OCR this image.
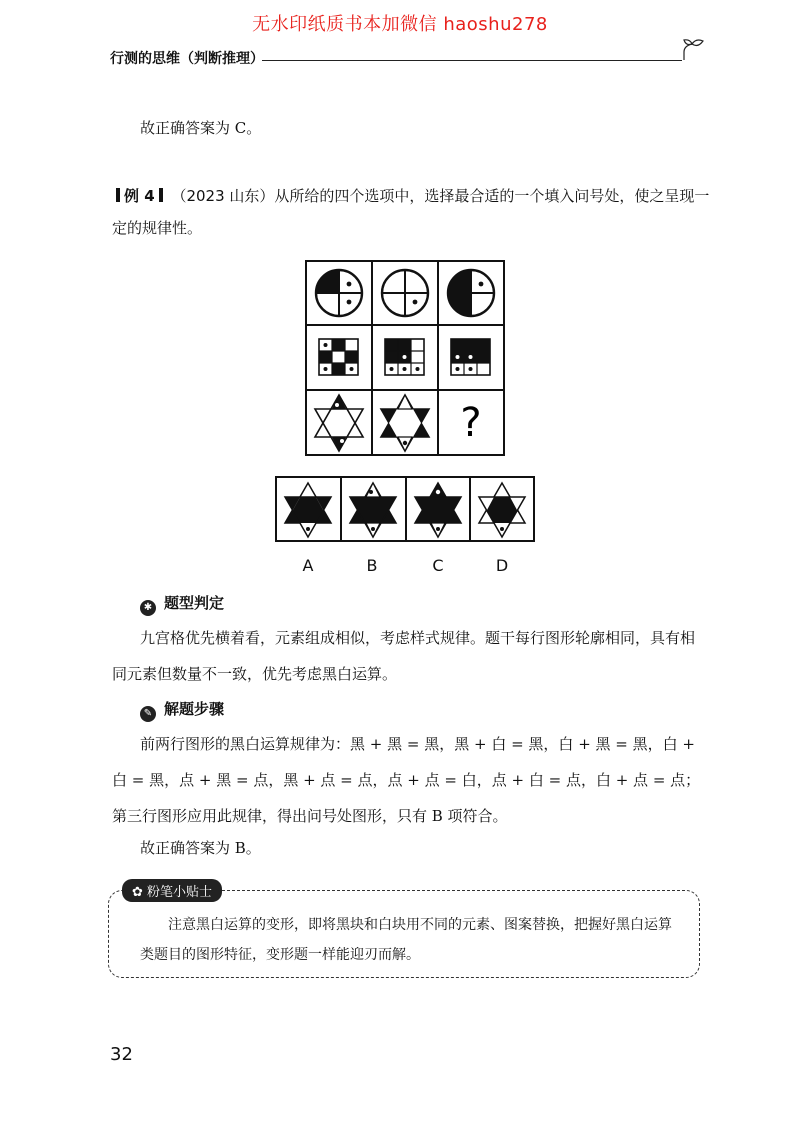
无水印纸质书本加微信 haoshu278
行测的思维（判断推理）
故正确答案为 C。
例 4 （2023 山东）从所给的四个选项中，选择最合适的一个填入问号处，使之呈现一定的规律性。
?
A	B	C	D
✱ 题型判定
九宫格优先横着看，元素组成相似，考虑样式规律。题干每行图形轮廓相同，具有相同元素但数量不一致，优先考虑黑白运算。
✎ 解题步骤
前两行图形的黑白运算规律为：黑 + 黑 = 黑，黑 + 白 = 黑，白 + 黑 = 黑，白 + 白 = 黑，点 + 黑 = 点，黑 + 点 = 点，点 + 点 = 白，点 + 白 = 点，白 + 点 = 点；第三行图形应用此规律，得出问号处图形，只有 B 项符合。
故正确答案为 B。
✿ 粉笔小贴士
注意黑白运算的变形，即将黑块和白块用不同的元素、图案替换，把握好黑白运算类题目的图形特征，变形题一样能迎刃而解。
32
